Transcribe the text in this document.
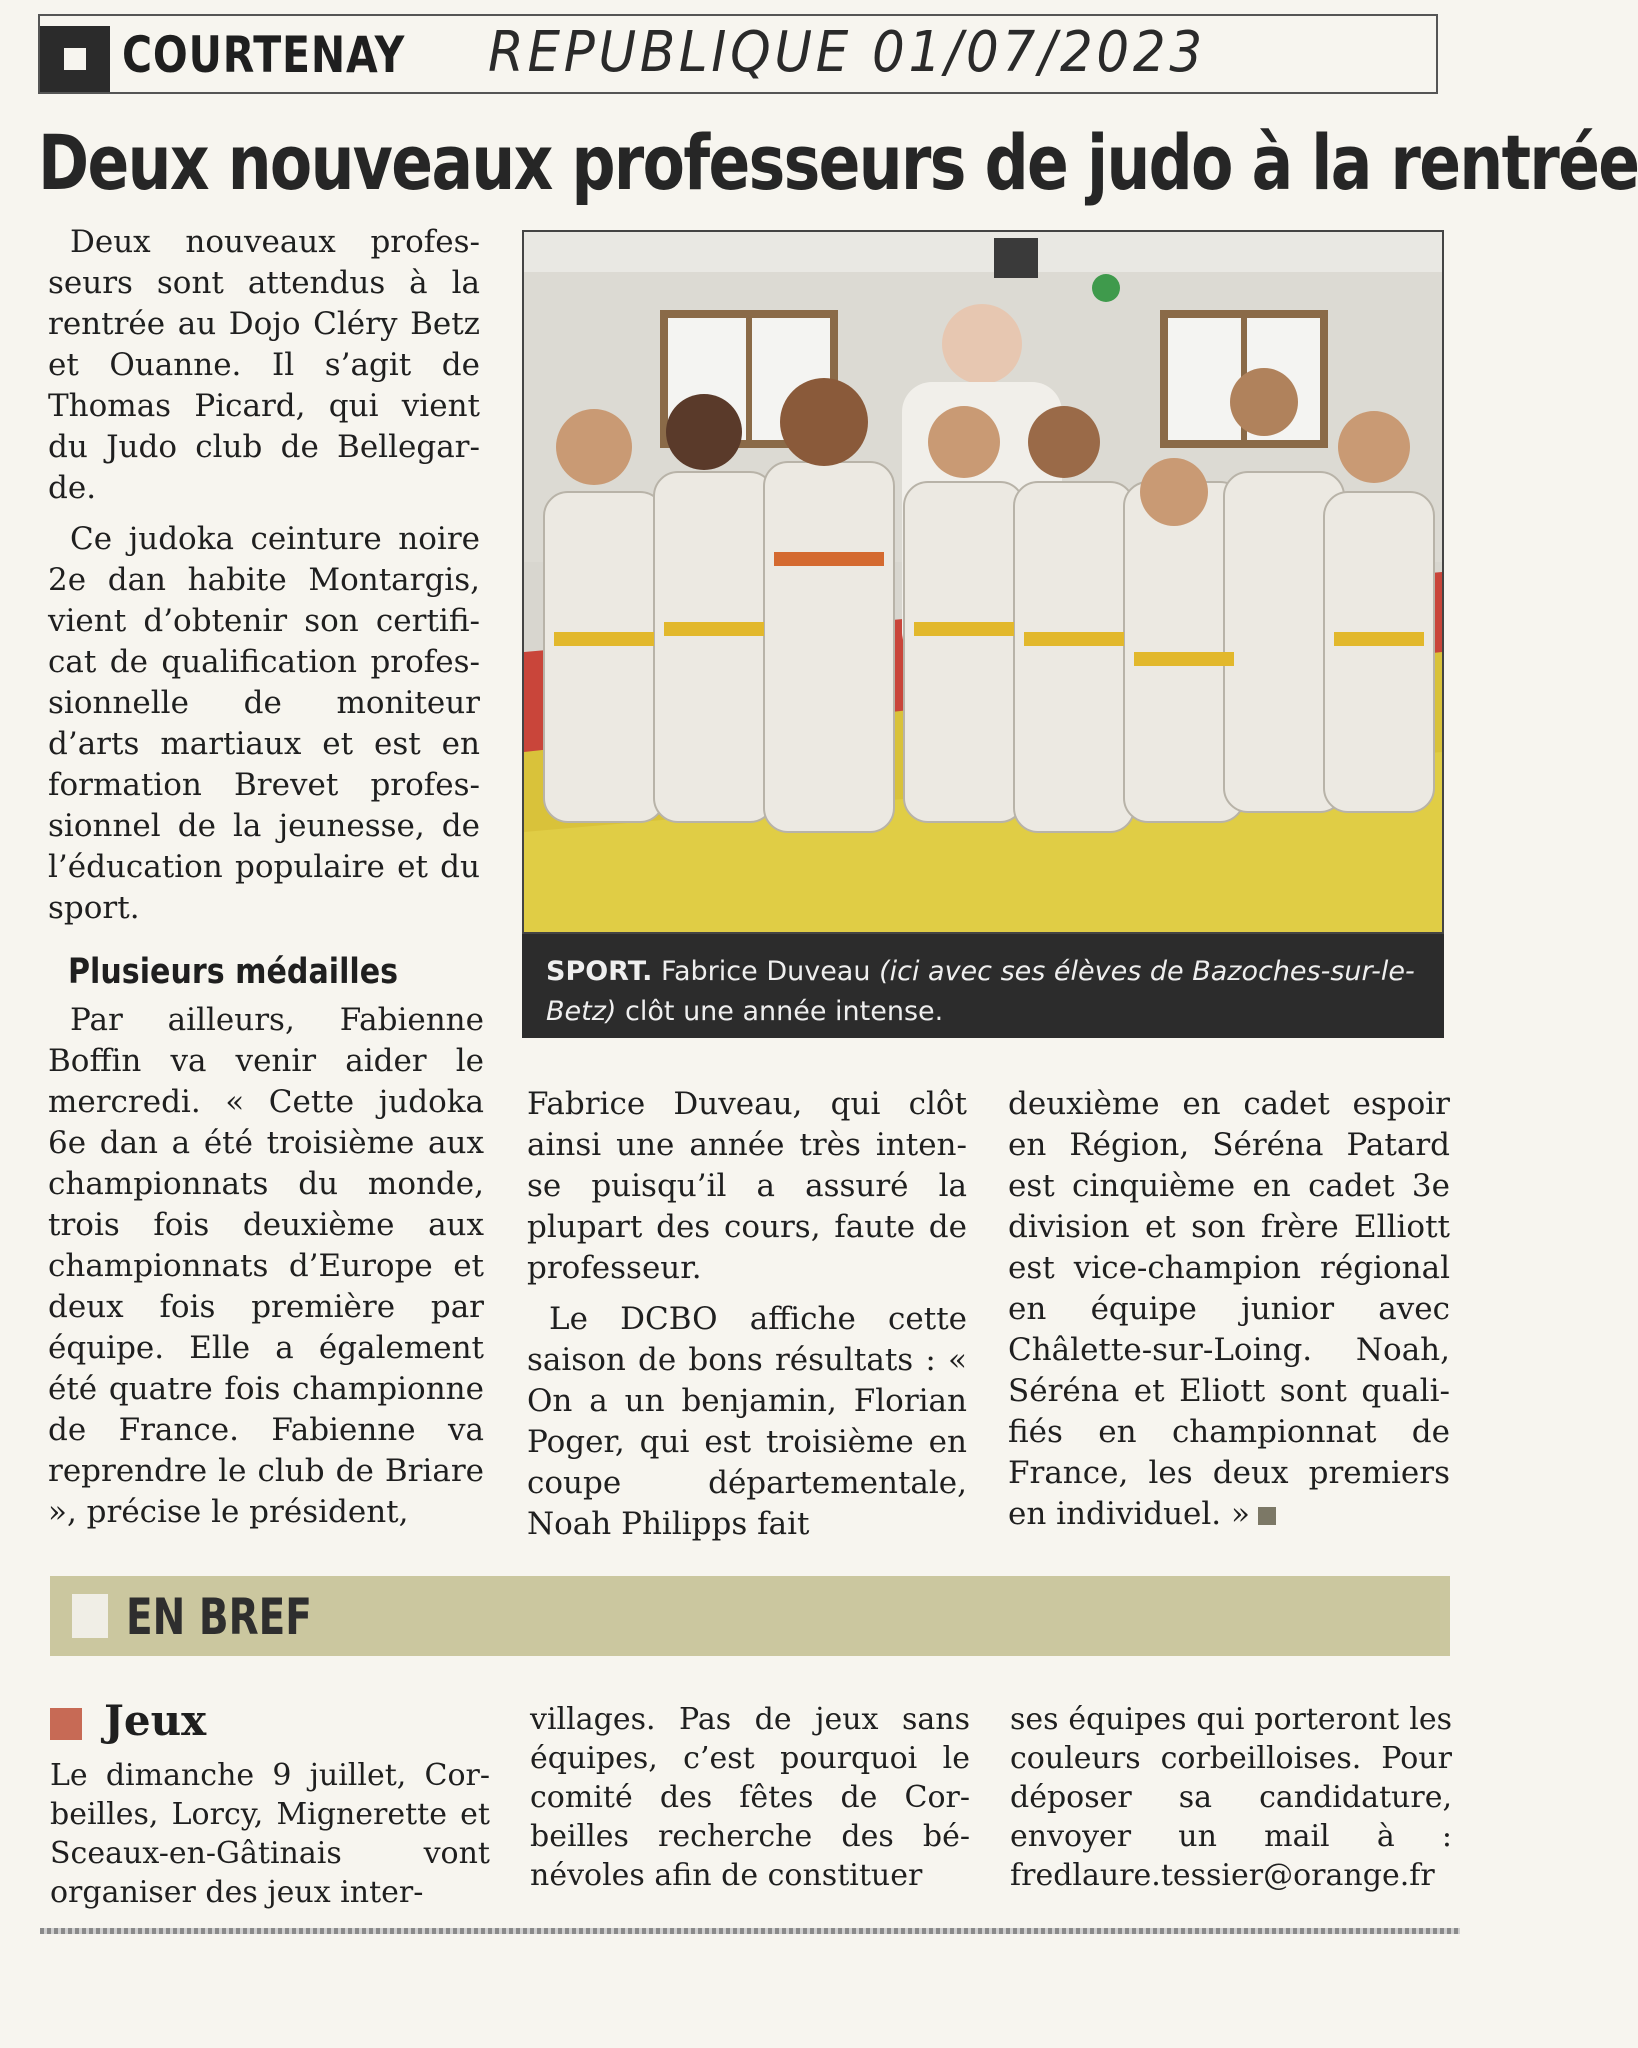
COURTENAY REPUBLIQUE 01/07/2023
Deux nouveaux professeurs de judo à la rentrée

Deux nouveaux professeurs sont attendus à la rentrée au Dojo Cléry Betz et Ouanne. Il s’agit de Thomas Picard, qui vient du Judo club de Bellegarde.

Ce judoka ceinture noire 2e dan habite Montargis, vient d’obtenir son certificat de qualification professionnelle de moniteur d’arts martiaux et est en formation Brevet professionnel de la jeunesse, de l’éducation populaire et du sport.

Plusieurs médailles

Par ailleurs, Fabienne Boffin va venir aider le mercredi. « Cette judoka 6e dan a été troisième aux championnats du monde, trois fois deuxième aux championnats d’Europe et deux fois première par équipe. Elle a également été quatre fois championne de France. Fabienne va reprendre le club de Briare », précise le président,

SPORT. Fabrice Duveau (ici avec ses élèves de Bazoches-sur-le-Betz) clôt une année intense.

Fabrice Duveau, qui clôt ainsi une année très intense puisqu’il a assuré la plupart des cours, faute de professeur.

Le DCBO affiche cette saison de bons résultats : « On a un benjamin, Florian Poger, qui est troisième en coupe départementale, Noah Philipps fait

deuxième en cadet espoir en Région, Séréna Patard est cinquième en cadet 3e division et son frère Elliott est vice-champion régional en équipe junior avec Châlette-sur-Loing. Noah, Séréna et Eliott sont qualifiés en championnat de France, les deux premiers en individuel. »

EN BREF
Jeux
Le dimanche 9 juillet, Corbeilles, Lorcy, Mignerette et Sceaux-en-Gâtinais vont organiser des jeux inter-
villages. Pas de jeux sans équipes, c’est pourquoi le comité des fêtes de Corbeilles recherche des bénévoles afin de constituer
ses équipes qui porteront les couleurs corbeilloises. Pour déposer sa candidature, envoyer un mail à : fredlaure.tessier@orange.fr
